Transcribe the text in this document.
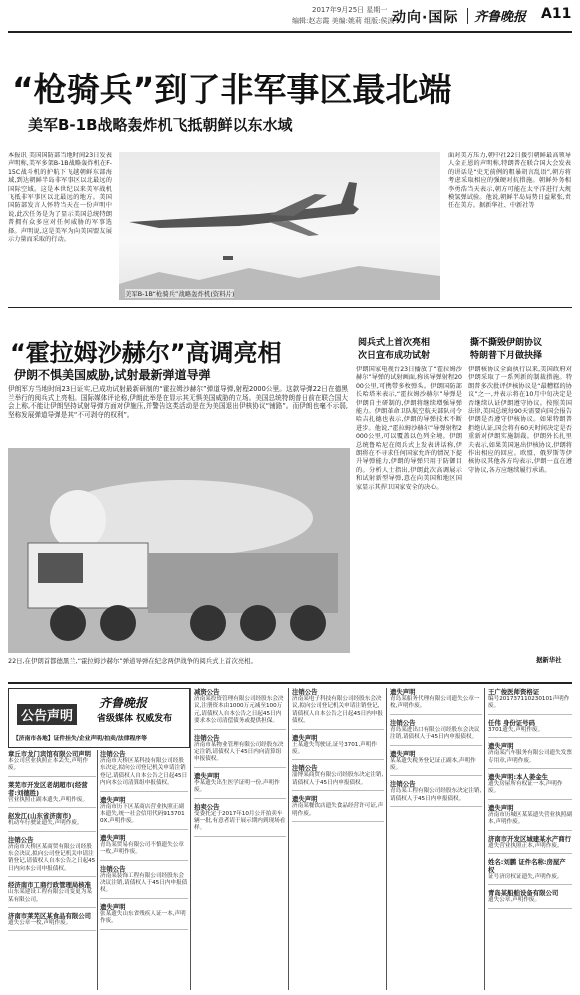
2017年9月25日 星期一
编辑:赵志霞 美编:姚莉 组版:侯波
动向·国际 齐鲁晚报 A11
“枪骑兵”到了非军事区最北端
美军B-1B战略轰炸机飞抵朝鲜以东水域
本报讯 美国国防部当地时间23日发表声明称,美军多架B-1B战略轰炸机在F-15C战斗机的护航下飞越朝鲜东部海域,到达朝鲜半岛非军事区以北最远的国际空域。这是本世纪以来美军战机飞抵非军事区以北最远的地方。美国国防部发言人怀特当天在一份声明中说,此次任务是为了显示美国总统特朗普拥有众多应对任何威胁的军事选择。声明说,这是美军为向美国盟友展示力量而采取的行动。
美军B-1B“枪骑兵”战略轰炸机(资料片)
面对美方压力,朝中社22日援引朝鲜最高领导人金正恩的声明称,特朗普在联合国大会发表的讲话是“史无前例的粗暴胡言乱语”,朝方将考虑采取相应的强硬对抗措施。朝鲜外务相李勇浩当天表示,朝方可能在太平洋进行大规模氢弹试验。他说,朝鲜半岛局势日益紧张,责任在美方。据新华社、中新社等
“霍拉姆沙赫尔”高调亮相
伊朗不惧美国威胁,试射最新弹道导弹
伊朗军方当地时间23日证实,已成功试射最新研制的“霍拉姆沙赫尔”弹道导弹,射程2000公里。这款导弹22日在德黑兰举行的阅兵式上亮相。国际媒体评论称,伊朗此举是在显示其无惧美国威胁的立场。美国总统特朗普日前在联合国大会上称,不能让伊朗坚持试射导弹方面对伊施压,并警告这类活动是在为美国退出伊核协议“铺路”。而伊朗也毫不示弱,坚称发展弹道导弹是其“不可剥夺的权利”。
阅兵式上首次亮相
次日宣布成功试射
撕不撕毁伊朗协议
特朗普下月做抉择
伊朗国家电视台23日播放了“霍拉姆沙赫尔”导弹的试射画面,称该导弹射程2000公里,可携带多枚弹头。伊朗国防部长哈塔米表示,“霍拉姆沙赫尔”导弹是伊朗自主研制的,伊朗将继续增强导弹能力。伊朗革命卫队航空航天部队司令哈吉扎德也表示,伊朗的导弹技术不断进步。他说,“霍拉姆沙赫尔”导弹射程2000公里,可以覆盖以色列全境。伊朗总统鲁哈尼在阅兵式上发表讲话称,伊朗将在不寻求任何国家允许的情况下提升导弹能力,伊朗的导弹只用于防御目的。分析人士指出,伊朗此次高调展示和试射新型导弹,意在向美国和地区国家显示其捍卫国家安全的决心。
伊朗核协议全面执行以来,美国政府对伊朗采取了一系列新的制裁措施。特朗普多次批评伊核协议是“最糟糕的协议”之一,并表示将在10月中旬决定是否继续认证伊朗遵守协议。按照美国法律,美国总统每90天需要向国会报告伊朗是否遵守伊核协议。如果特朗普拒绝认证,国会将有60天时间决定是否重新对伊朗实施制裁。伊朗外长扎里夫表示,如果美国退出伊核协议,伊朗将作出相应的回应。欧盟、俄罗斯等伊核协议其他各方均表示,伊朗一直在遵守协议,各方应继续履行承诺。
据新华社
22日,在伊朗首都德黑兰,“霍拉姆沙赫尔”弹道导弹在纪念两伊战争的阅兵式上首次亮相。
齐鲁晚报
公告声明	省级媒体 权威发布
【济南市各地】证件挂失/企业声明/拍卖/法律程序等
章丘市龙门宾馆有限公司声明
本公司营业执照正本丢失,声明作废。
莱芜市开发区老胡超市(经营者:刘德胜)
营业执照正副本遗失,声明作废。
赵发江(山东省济南市)
机动车行驶证遗失,声明作废。
注销公告
济南市天桥区某商贸有限公司经股东会决议,拟向公司登记机关申请注销登记,请债权人自本公告之日起45日内向本公司申报债权。
经济南市工商行政管理局核准
山东某建设工程有限公司变更为某某有限公司。
济南市莱芜区某食品有限公司
遗失公章一枚,声明作废。
注销公告
济南市天桥区某科技有限公司经股东决定,拟向公司登记机关申请注销登记,请债权人自本公告之日起45日内向本公司清算组申报债权。
遗失声明
济南市历下区某商店营业执照正副本遗失,统一社会信用代码9137010X,声明作废。
遗失声明
青岛某贸易有限公司不慎遗失公章一枚,声明作废。
注销公告
济南某装饰工程有限公司经股东会决议注销,请债权人于45日内申报债权。
遗失声明
张某遗失山东省残疾人证一本,声明作废。
减资公告
济南某投资管理有限公司经股东会决议,注册资本由1000万元减至100万元,请债权人自本公告之日起45日内要求本公司清偿债务或提供担保。
注销公告
济南市某物业管理有限公司经股东决定注销,请债权人于45日内向清算组申报债权。
遗失声明
李某遗失出生医学证明一份,声明作废。
拍卖公告
受委托定于2017年10月公开拍卖车辆一批,有意者请于展示期内到现场看样。
注销公告
济南某电子科技有限公司经股东会决议,拟向公司登记机关申请注销登记,请债权人自本公告之日起45日内申报债权。
遗失声明
王某遗失驾驶证,证号3701,声明作废。
注销公告
淄博某商贸有限公司经股东决定注销,请债权人于45日内申报债权。
遗失声明
济南某餐饮店遗失食品经营许可证,声明作废。
遗失声明
青岛某船务代理有限公司遗失公章一枚,声明作废。
注销公告
青岛某进出口有限公司经股东会决议注销,请债权人于45日内申报债权。
遗失声明
某某遗失税务登记证正副本,声明作废。
注销公告
青岛某工程有限公司经股东决定注销,请债权人于45日内申报债权。
王广俊医师资格证
编号201737110230101声明作废。
任伟 身份证号码
3701遗失,声明作废。
遗失声明
济南某汽车服务有限公司遗失发票专用章,声明作废。
遗失声明:本人姜金生
遗失房屋所有权证一本,声明作废。
遗失声明
济南市历城区某某遗失营业执照副本,声明作废。
济南市开发区城建某水产商行
遗失营业执照正本,声明作废。
姓名:刘鹏 证件名称:房屋产权
证号济房权证遗失,声明作废。
青岛某船舶设备有限公司
遗失公章,声明作废。
